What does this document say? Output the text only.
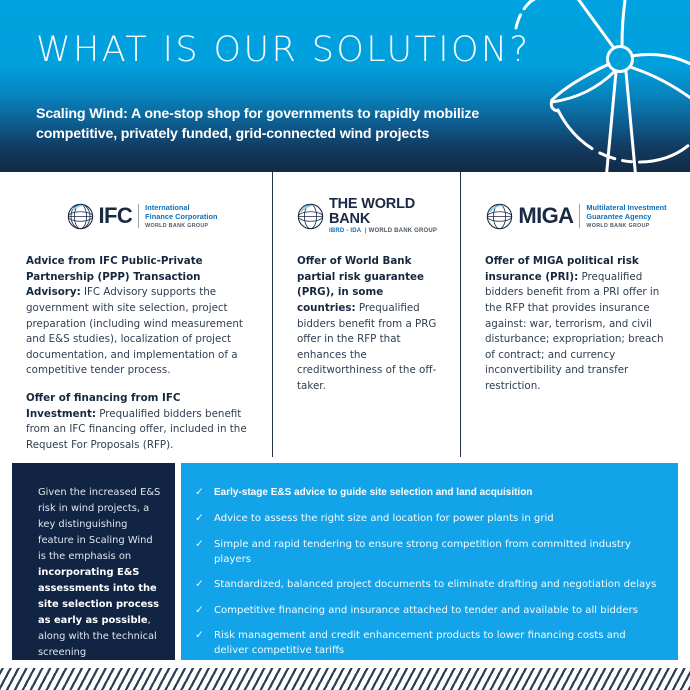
WHAT IS OUR SOLUTION?
Scaling Wind: A one-stop shop for governments to rapidly mobilize competitive, privately funded, grid-connected wind projects
IFC International
Finance Corporation
WORLD BANK GROUP

Advice from IFC Public-Private Partnership (PPP) Transaction Advisory: IFC Advisory supports the government with site selection, project preparation (including wind measurement and E&S studies), localization of project documentation, and implementation of a competitive tender process.

Offer of financing from IFC Investment: Prequalified bidders benefit from an IFC financing offer, included in the Request For Proposals (RFP).

THE WORLD BANK
IBRD - IDA  | WORLD BANK GROUP

Offer of World Bank partial risk guarantee (PRG), in some countries: Prequalified bidders benefit from a PRG offer in the RFP that enhances the creditworthiness of the off-taker.

MIGA Multilateral Investment
Guarantee Agency
WORLD BANK GROUP

Offer of MIGA political risk insurance (PRI): Prequalified bidders benefit from a PRI offer in the RFP that provides insurance against: war, terrorism, and civil disturbance; expropriation; breach of contract; and currency inconvertibility and transfer restriction.

Given the increased E&S risk in wind projects, a key distinguishing feature in Scaling Wind is the emphasis on incorporating E&S assessments into the site selection process as early as possible, along with the technical screening
✓	Early-stage E&S advice to guide site selection and land acquisition
✓	Advice to assess the right size and location for power plants in grid
✓	Simple and rapid tendering to ensure strong competition from committed industry players
✓	Standardized, balanced project documents to eliminate drafting and negotiation delays
✓	Competitive financing and insurance attached to tender and available to all bidders
✓	Risk management and credit enhancement products to lower financing costs and deliver competitive tariffs
